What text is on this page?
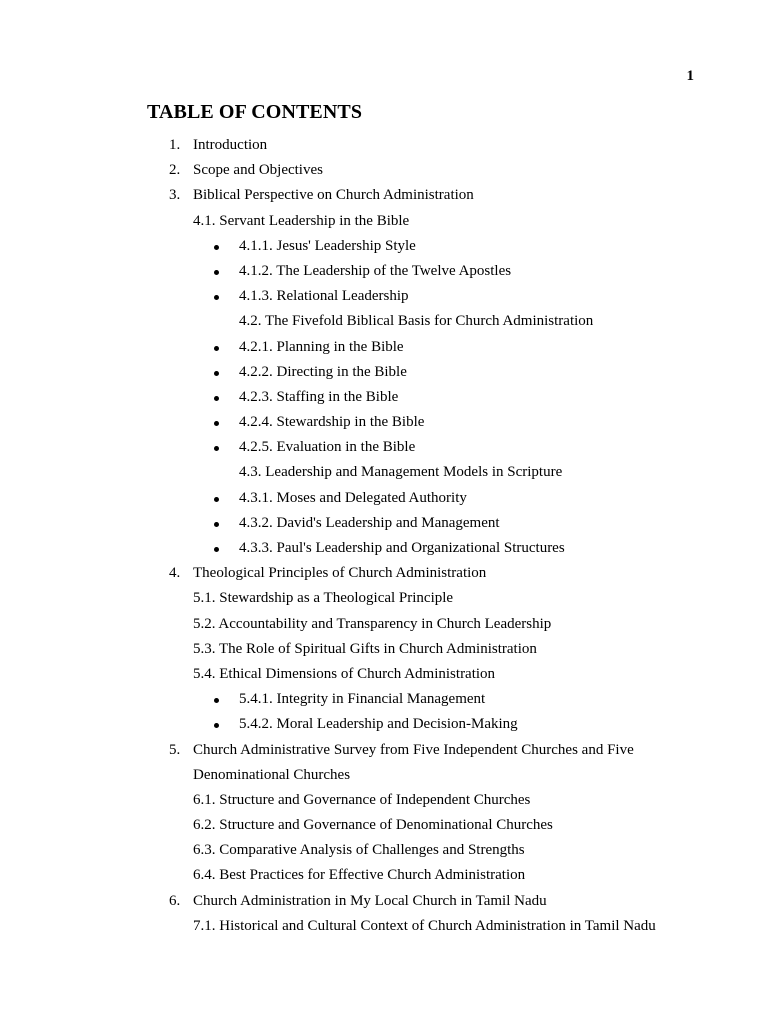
1
TABLE OF CONTENTS
1. Introduction
2. Scope and Objectives
3. Biblical Perspective on Church Administration
4.1. Servant Leadership in the Bible
4.1.1. Jesus' Leadership Style
4.1.2. The Leadership of the Twelve Apostles
4.1.3. Relational Leadership
4.2. The Fivefold Biblical Basis for Church Administration
4.2.1. Planning in the Bible
4.2.2. Directing in the Bible
4.2.3. Staffing in the Bible
4.2.4. Stewardship in the Bible
4.2.5. Evaluation in the Bible
4.3. Leadership and Management Models in Scripture
4.3.1. Moses and Delegated Authority
4.3.2. David's Leadership and Management
4.3.3. Paul's Leadership and Organizational Structures
4. Theological Principles of Church Administration
5.1. Stewardship as a Theological Principle
5.2. Accountability and Transparency in Church Leadership
5.3. The Role of Spiritual Gifts in Church Administration
5.4. Ethical Dimensions of Church Administration
5.4.1. Integrity in Financial Management
5.4.2. Moral Leadership and Decision-Making
5. Church Administrative Survey from Five Independent Churches and Five
Denominational Churches
6.1. Structure and Governance of Independent Churches
6.2. Structure and Governance of Denominational Churches
6.3. Comparative Analysis of Challenges and Strengths
6.4. Best Practices for Effective Church Administration
6. Church Administration in My Local Church in Tamil Nadu
7.1. Historical and Cultural Context of Church Administration in Tamil Nadu
